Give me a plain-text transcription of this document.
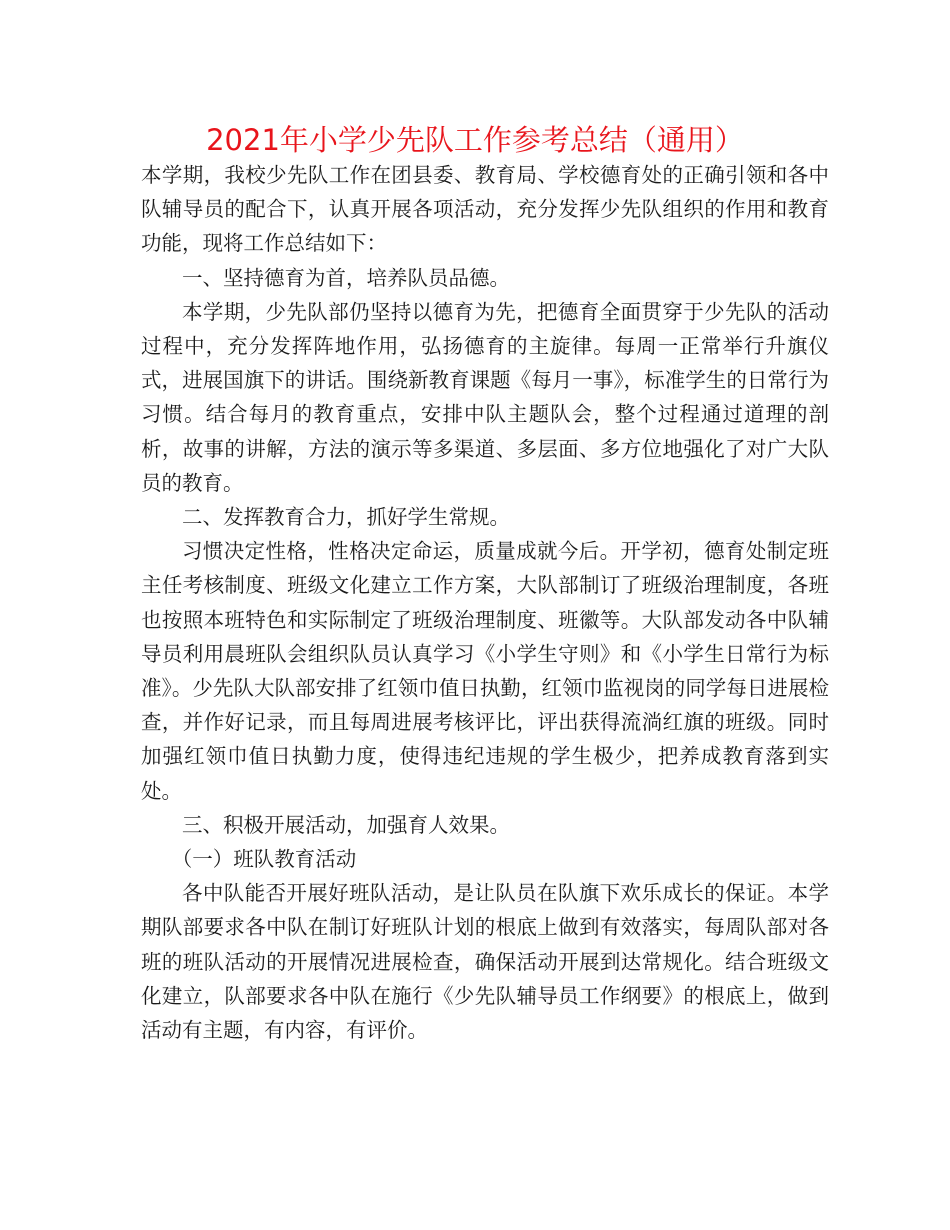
2021年小学少先队工作参考总结（通用）

本学期，我校少先队工作在团县委、教育局、学校德育处的正确引领和各中队辅导员的配合下，认真开展各项活动，充分发挥少先队组织的作用和教育功能，现将工作总结如下：

一、坚持德育为首，培养队员品德。

本学期，少先队部仍坚持以德育为先，把德育全面贯穿于少先队的活动过程中，充分发挥阵地作用，弘扬德育的主旋律。每周一正常举行升旗仪式，进展国旗下的讲话。围绕新教育课题《每月一事》，标准学生的日常行为习惯。结合每月的教育重点，安排中队主题队会，整个过程通过道理的剖析，故事的讲解，方法的演示等多渠道、多层面、多方位地强化了对广大队员的教育。

二、发挥教育合力，抓好学生常规。

习惯决定性格，性格决定命运，质量成就今后。开学初，德育处制定班主任考核制度、班级文化建立工作方案，大队部制订了班级治理制度，各班也按照本班特色和实际制定了班级治理制度、班徽等。大队部发动各中队辅导员利用晨班队会组织队员认真学习《小学生守则》和《小学生日常行为标准》。少先队大队部安排了红领巾值日执勤，红领巾监视岗的同学每日进展检查，并作好记录，而且每周进展考核评比，评出获得流淌红旗的班级。同时加强红领巾值日执勤力度，使得违纪违规的学生极少，把养成教育落到实处。

三、积极开展活动，加强育人效果。

（一）班队教育活动

各中队能否开展好班队活动，是让队员在队旗下欢乐成长的保证。本学期队部要求各中队在制订好班队计划的根底上做到有效落实，每周队部对各班的班队活动的开展情况进展检查，确保活动开展到达常规化。结合班级文化建立，队部要求各中队在施行《少先队辅导员工作纲要》的根底上，做到活动有主题，有内容，有评价。
